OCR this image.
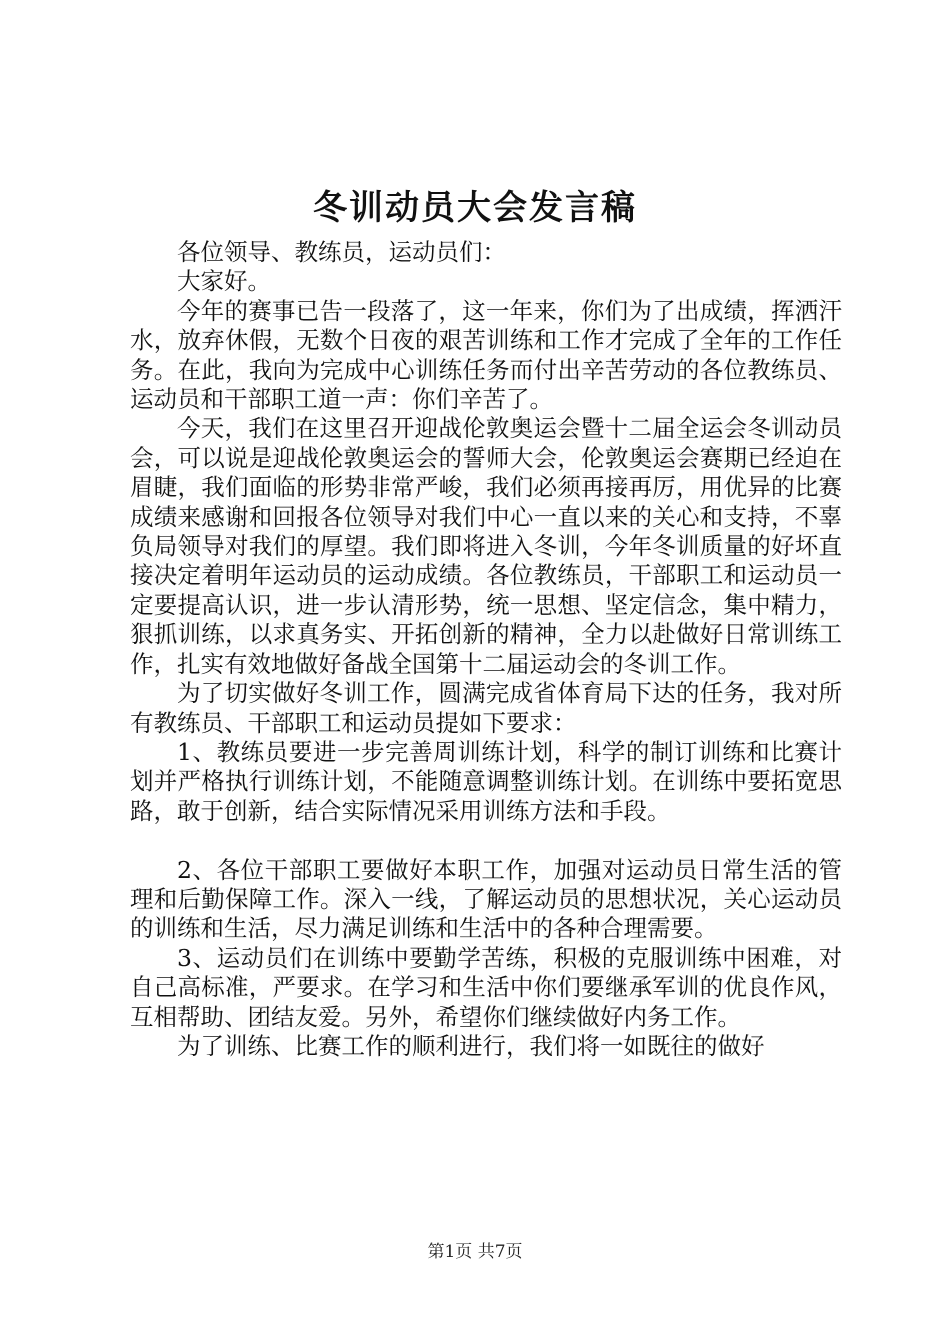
冬训动员大会发言稿

各位领导、教练员，运动员们：

大家好。

今年的赛事已告一段落了，这一年来，你们为了出成绩，挥洒汗水，放弃休假，无数个日夜的艰苦训练和工作才完成了全年的工作任务。在此，我向为完成中心训练任务而付出辛苦劳动的各位教练员、运动员和干部职工道一声：你们辛苦了。

今天，我们在这里召开迎战伦敦奥运会暨十二届全运会冬训动员会，可以说是迎战伦敦奥运会的誓师大会，伦敦奥运会赛期已经迫在眉睫，我们面临的形势非常严峻，我们必须再接再厉，用优异的比赛成绩来感谢和回报各位领导对我们中心一直以来的关心和支持，不辜负局领导对我们的厚望。我们即将进入冬训，今年冬训质量的好坏直接决定着明年运动员的运动成绩。各位教练员，干部职工和运动员一定要提高认识，进一步认清形势，统一思想、坚定信念，集中精力，狠抓训练，以求真务实、开拓创新的精神，全力以赴做好日常训练工作，扎实有效地做好备战全国第十二届运动会的冬训工作。

为了切实做好冬训工作，圆满完成省体育局下达的任务，我对所有教练员、干部职工和运动员提如下要求：

1、教练员要进一步完善周训练计划，科学的制订训练和比赛计划并严格执行训练计划，不能随意调整训练计划。在训练中要拓宽思路，敢于创新，结合实际情况采用训练方法和手段。

2、各位干部职工要做好本职工作，加强对运动员日常生活的管理和后勤保障工作。深入一线，了解运动员的思想状况，关心运动员的训练和生活，尽力满足训练和生活中的各种合理需要。

3、运动员们在训练中要勤学苦练，积极的克服训练中困难，对自己高标准，严要求。在学习和生活中你们要继承军训的优良作风，互相帮助、团结友爱。另外，希望你们继续做好内务工作。

为了训练、比赛工作的顺利进行，我们将一如既往的做好

第1页 共7页
